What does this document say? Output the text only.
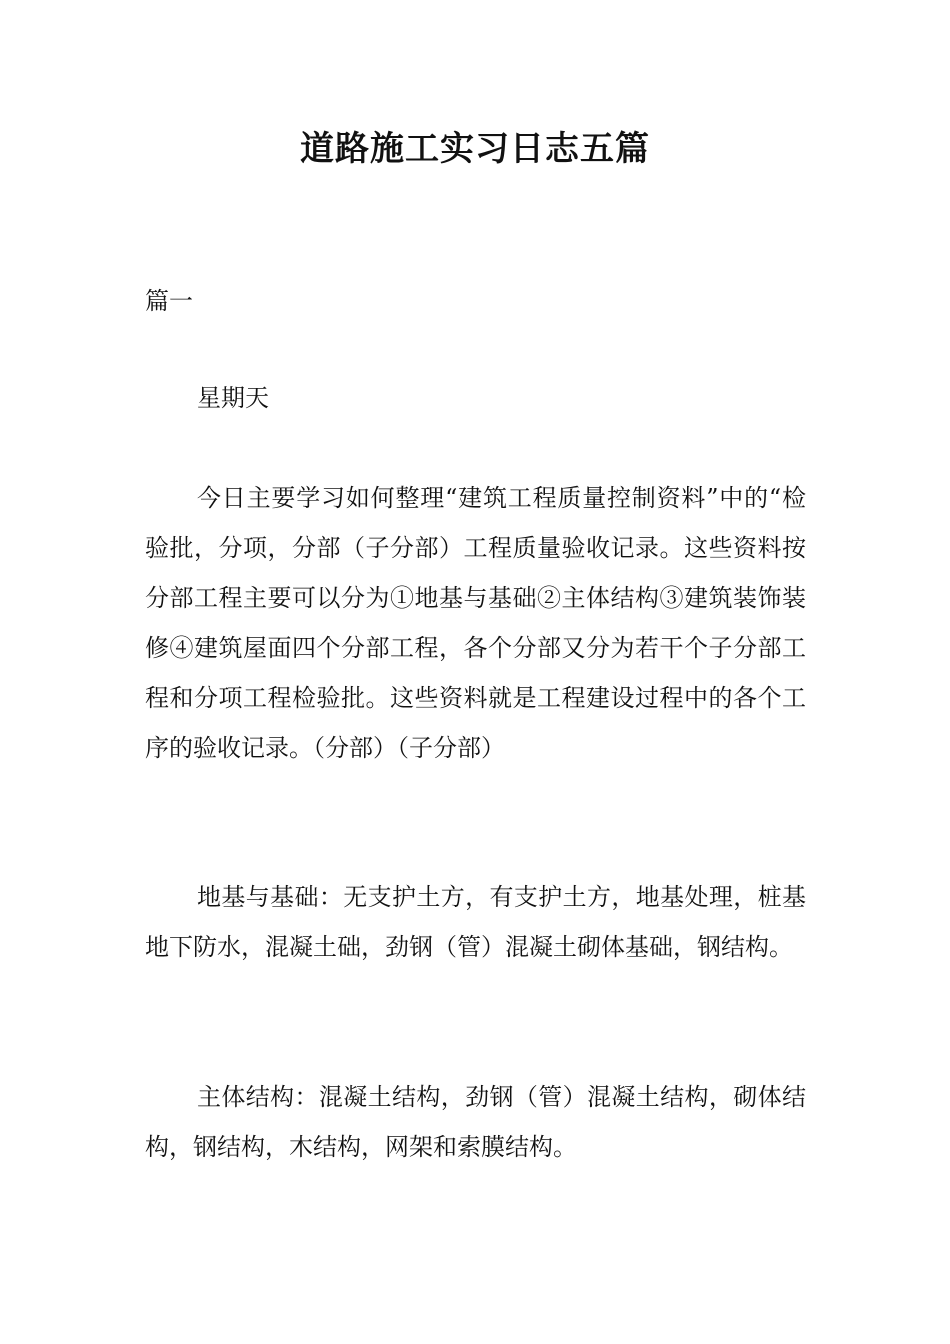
道路施工实习日志五篇

篇一

星期天

今日主要学习如何整理“建筑工程质量控制资料”中的“检验批，分项，分部（子分部）工程质量验收记录。这些资料按分部工程主要可以分为①地基与基础②主体结构③建筑装饰装修④建筑屋面四个分部工程，各个分部又分为若干个子分部工程和分项工程检验批。这些资料就是工程建设过程中的各个工序的验收记录。（分部）（子分部）

地基与基础：无支护土方，有支护土方，地基处理，桩基地下防水，混凝土础，劲钢（管）混凝土砌体基础，钢结构。

主体结构：混凝土结构，劲钢（管）混凝土结构，砌体结构，钢结构，木结构，网架和索膜结构。
